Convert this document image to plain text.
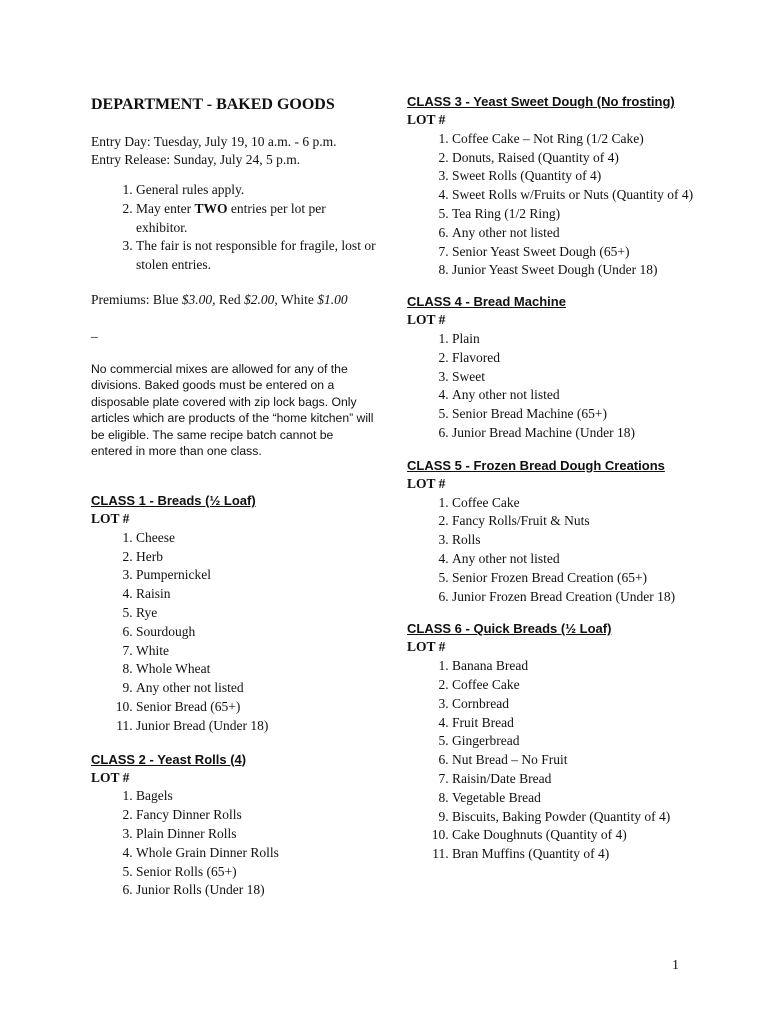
DEPARTMENT - BAKED GOODS
Entry Day: Tuesday, July 19, 10 a.m. - 6 p.m.
Entry Release: Sunday, July 24, 5 p.m.
1. General rules apply.
2. May enter TWO entries per lot per exhibitor.
3. The fair is not responsible for fragile, lost or stolen entries.
Premiums: Blue $3.00, Red $2.00, White $1.00
_
No commercial mixes are allowed for any of the divisions. Baked goods must be entered on a disposable plate covered with zip lock bags. Only articles which are products of the “home kitchen” will be eligible. The same recipe batch cannot be entered in more than one class.
CLASS 1 - Breads (½ Loaf)
LOT #
1. Cheese
2. Herb
3. Pumpernickel
4. Raisin
5. Rye
6. Sourdough
7. White
8. Whole Wheat
9. Any other not listed
10. Senior Bread (65+)
11. Junior Bread (Under 18)
CLASS 2 - Yeast Rolls (4)
LOT #
1. Bagels
2. Fancy Dinner Rolls
3. Plain Dinner Rolls
4. Whole Grain Dinner Rolls
5. Senior Rolls (65+)
6. Junior Rolls (Under 18)
CLASS 3 - Yeast Sweet Dough (No frosting)
LOT #
1. Coffee Cake – Not Ring (1/2 Cake)
2. Donuts, Raised (Quantity of 4)
3. Sweet Rolls (Quantity of 4)
4. Sweet Rolls w/Fruits or Nuts (Quantity of 4)
5. Tea Ring (1/2 Ring)
6. Any other not listed
7. Senior Yeast Sweet Dough (65+)
8. Junior Yeast Sweet Dough (Under 18)
CLASS 4 - Bread Machine
LOT #
1. Plain
2. Flavored
3. Sweet
4. Any other not listed
5. Senior Bread Machine (65+)
6. Junior Bread Machine (Under 18)
CLASS 5 - Frozen Bread Dough Creations
LOT #
1. Coffee Cake
2. Fancy Rolls/Fruit & Nuts
3. Rolls
4. Any other not listed
5. Senior Frozen Bread Creation (65+)
6. Junior Frozen Bread Creation (Under 18)
CLASS 6 - Quick Breads (½ Loaf)
LOT #
1. Banana Bread
2. Coffee Cake
3. Cornbread
4. Fruit Bread
5. Gingerbread
6. Nut Bread – No Fruit
7. Raisin/Date Bread
8. Vegetable Bread
9. Biscuits, Baking Powder (Quantity of 4)
10. Cake Doughnuts (Quantity of 4)
11. Bran Muffins (Quantity of 4)
1
